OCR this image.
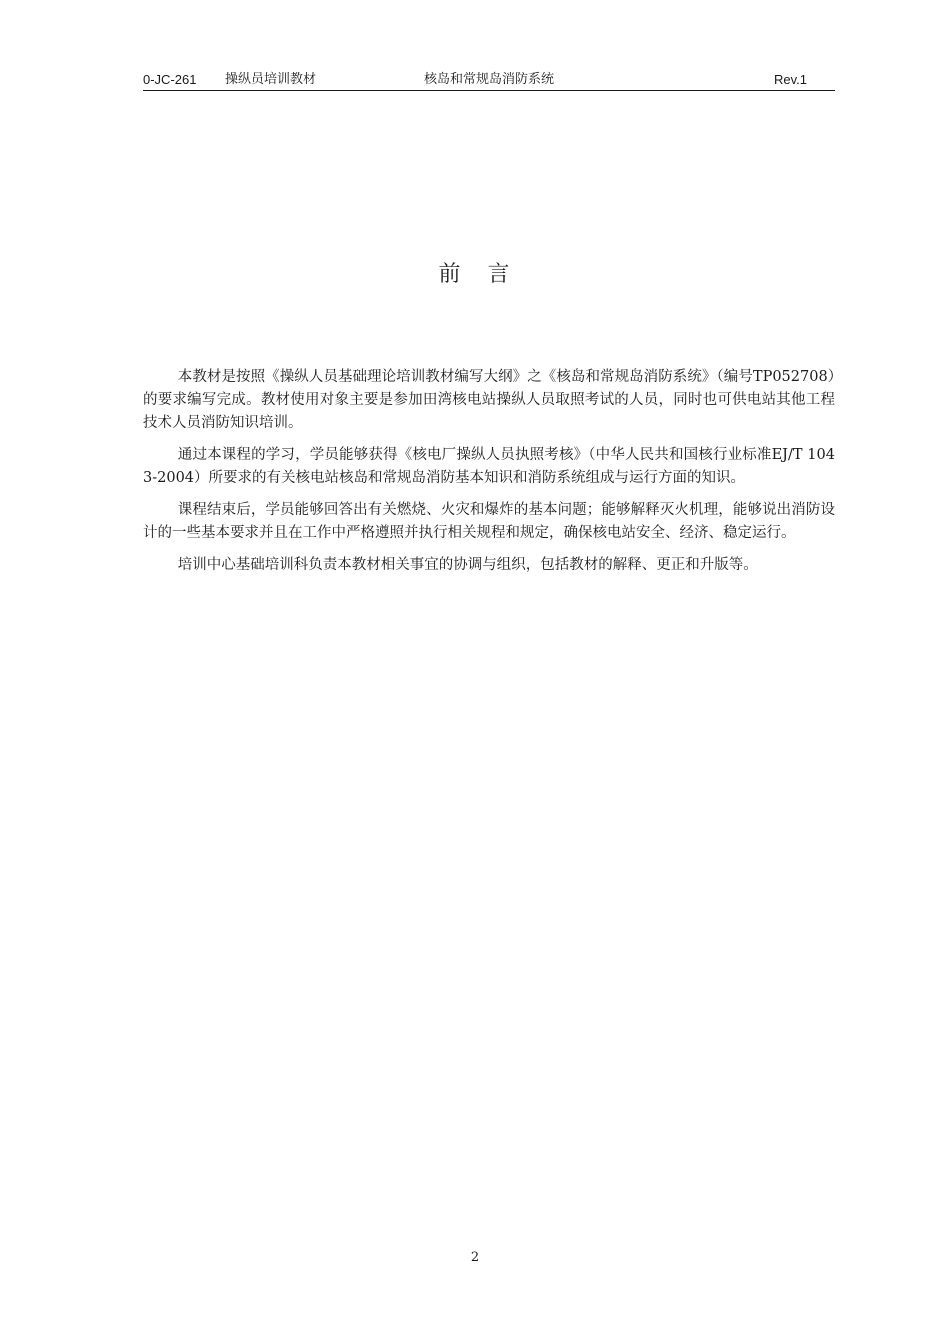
0-JC-261 操纵员培训教材	核岛和常规岛消防系统	Rev.1
前 言

本教材是按照《操纵人员基础理论培训教材编写大纲》之《核岛和常规岛消防系统》（编号TP052708）的要求编写完成。教材使用对象主要是参加田湾核电站操纵人员取照考试的人员，同时也可供电站其他工程技术人员消防知识培训。

通过本课程的学习，学员能够获得《核电厂操纵人员执照考核》（中华人民共和国核行业标准EJ/T 1043-2004）所要求的有关核电站核岛和常规岛消防基本知识和消防系统组成与运行方面的知识。

课程结束后，学员能够回答出有关燃烧、火灾和爆炸的基本问题；能够解释灭火机理，能够说出消防设计的一些基本要求并且在工作中严格遵照并执行相关规程和规定，确保核电站安全、经济、稳定运行。

培训中心基础培训科负责本教材相关事宜的协调与组织，包括教材的解释、更正和升版等。

2
